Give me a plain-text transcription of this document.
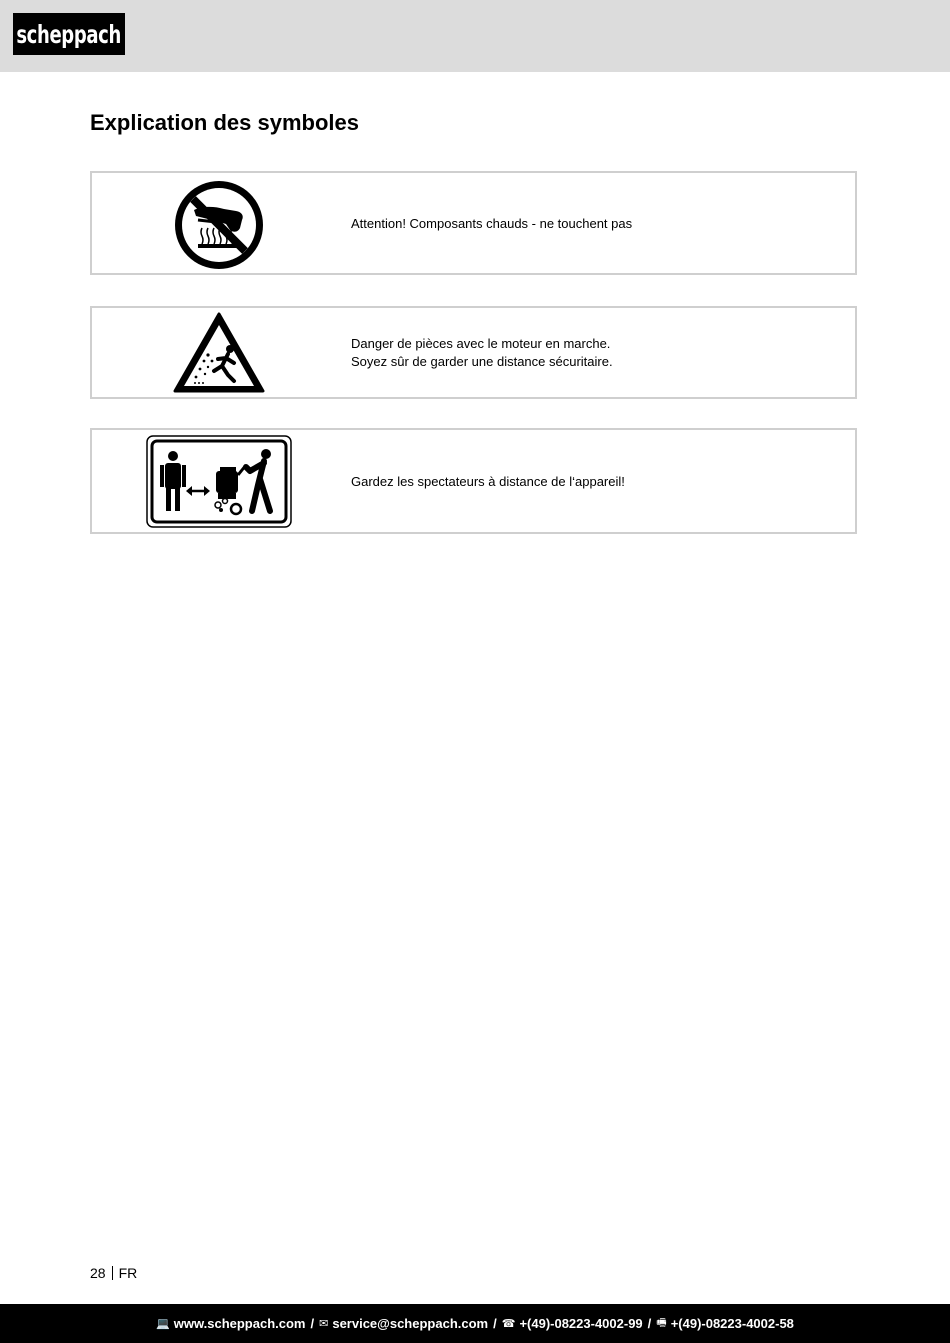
scheppach
Explication des symboles
Attention! Composants chauds - ne touchent pas
Danger de pièces avec le moteur en marche.
Soyez sûr de garder une distance sécuritaire.
Gardez les spectateurs à distance de l‘appareil!
28 FR
💻 www.scheppach.com / ✉ service@scheppach.com / ☎ +(49)-08223-4002-99 / 🖷 +(49)-08223-4002-58
